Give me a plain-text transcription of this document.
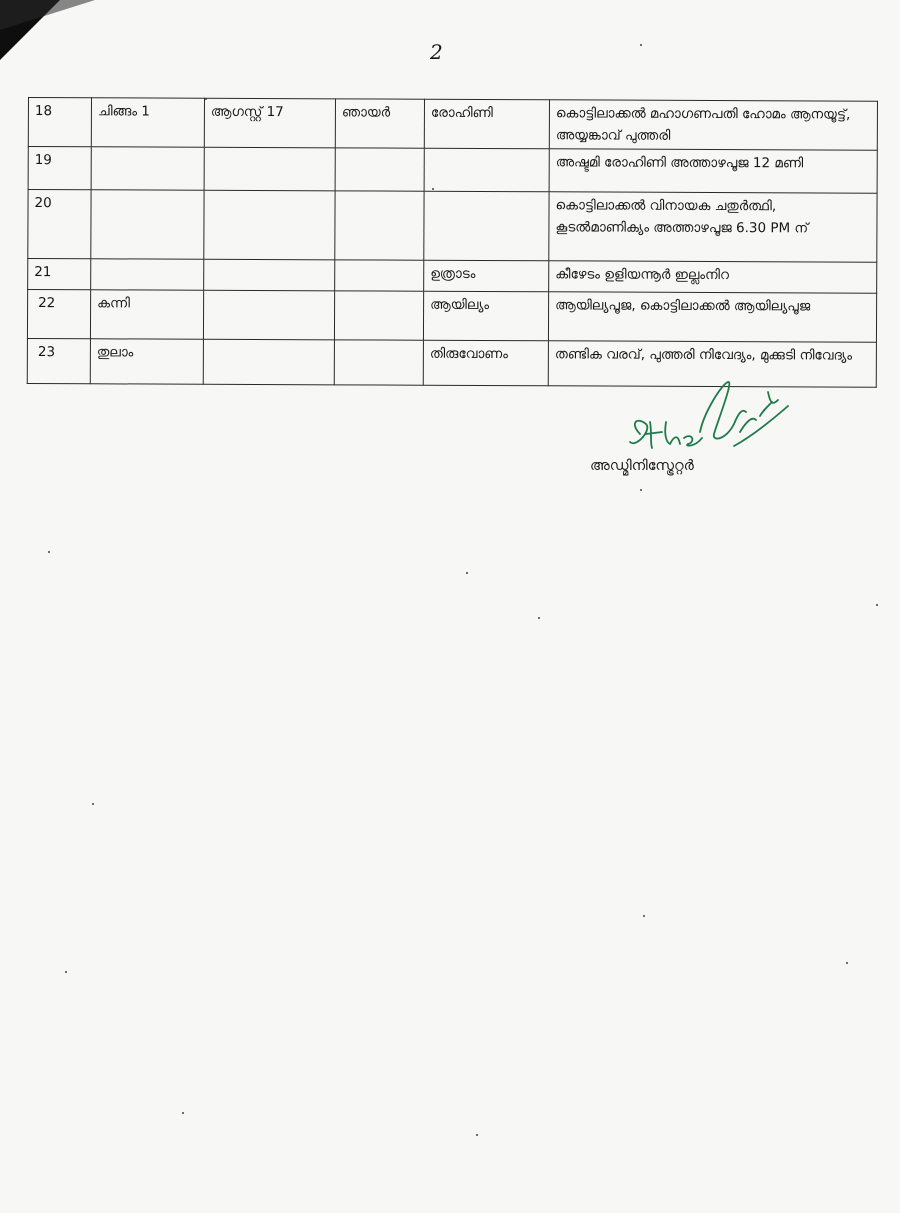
2
18	ചിങ്ങം 1	ആഗസ്റ്റ് 17	ഞായർ	രോഹിണി	കൊട്ടിലാക്കൽ മഹാഗണപതി ഹോമം ആനയൂട്ട്, അയ്യങ്കാവ് പുത്തരി
19					അഷ്ടമി രോഹിണി അത്താഴപൂജ 12 മണി
20					കൊട്ടിലാക്കൽ വിനായക ചതുർത്ഥി, കൂടൽമാണിക്യം അത്താഴപൂജ 6.30 PM ന്
21				ഉത്രാടം	കീഴേടം ഉളിയന്നൂർ ഇല്ലംനിറ
22	കന്നി			ആയില്യം	ആയില്യപൂജ, കൊട്ടിലാക്കൽ ആയില്യപൂജ
23	തുലാം			തിരുവോണം	തണ്ടിക വരവ്, പുത്തരി നിവേദ്യം, മുക്കുടി നിവേദ്യം
അഡ്മിനിസ്ട്രേറ്റർ
